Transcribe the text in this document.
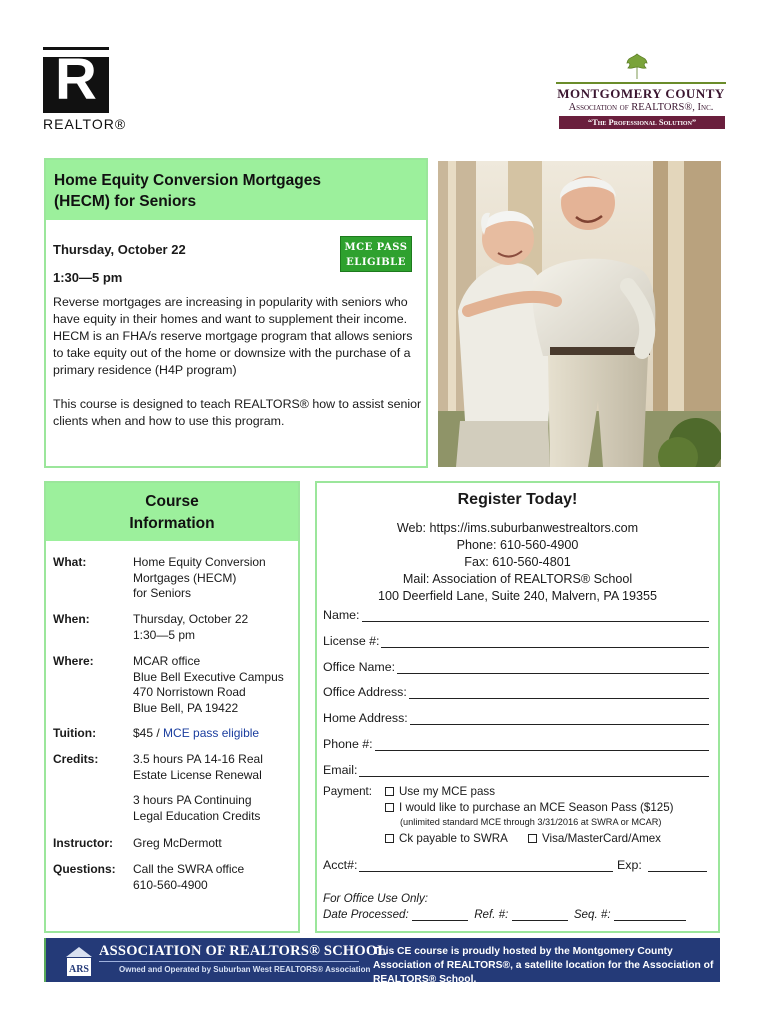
R
REALTOR®
MONTGOMERY COUNTY
Association of REALTORS®, Inc.
“The Professional Solution”
Home Equity Conversion Mortgages
(HECM) for Seniors
MCE PASS
ELIGIBLE
Thursday, October 22
1:30—5 pm
Reverse mortgages are increasing in popularity with seniors who have equity in their homes and want to supplement their income. HECM is an FHA/s reserve mortgage program that allows seniors to take equity out of the home or downsize with the purchase of a primary residence (H4P program)
This course is designed to teach REALTORS® how to assist senior clients when and how to use this program.
Course
Information
What:	Home Equity Conversion
Mortgages (HECM)
for Seniors
When:	Thursday, October 22
1:30—5 pm
Where:	MCAR office
Blue Bell Executive Campus
470 Norristown Road
Blue Bell, PA 19422
Tuition:	$45 / MCE pass eligible
Credits:	3.5 hours PA 14-16 Real
Estate License Renewal
3 hours PA Continuing
Legal Education Credits
Instructor: Greg McDermott
Questions: Call the SWRA office
610-560-4900
Register Today!
Web: https://ims.suburbanwestrealtors.com
Phone: 610-560-4900
Fax: 610-560-4801
Mail: Association of REALTORS® School
100 Deerfield Lane, Suite 240, Malvern, PA 19355
Name:
License #:
Office Name:
Office Address:
Home Address:
Phone #:
Email:
Payment:	Use my MCE pass
I would like to purchase an MCE Season Pass ($125)
(unlimited standard MCE through 3/31/2016 at SWRA or MCAR)
Ck payable to SWRA	Visa/MasterCard/Amex
Acct#:	Exp:
For Office Use Only:
Date Processed:	Ref. #:	Seq. #:
ARS
ASSOCIATION OF REALTORS® SCHOOL
Owned and Operated by Suburban West REALTORS® Association
This CE course is proudly hosted by the Montgomery County Association of REALTORS®, a satellite location for the Association of REALTORS® School.
